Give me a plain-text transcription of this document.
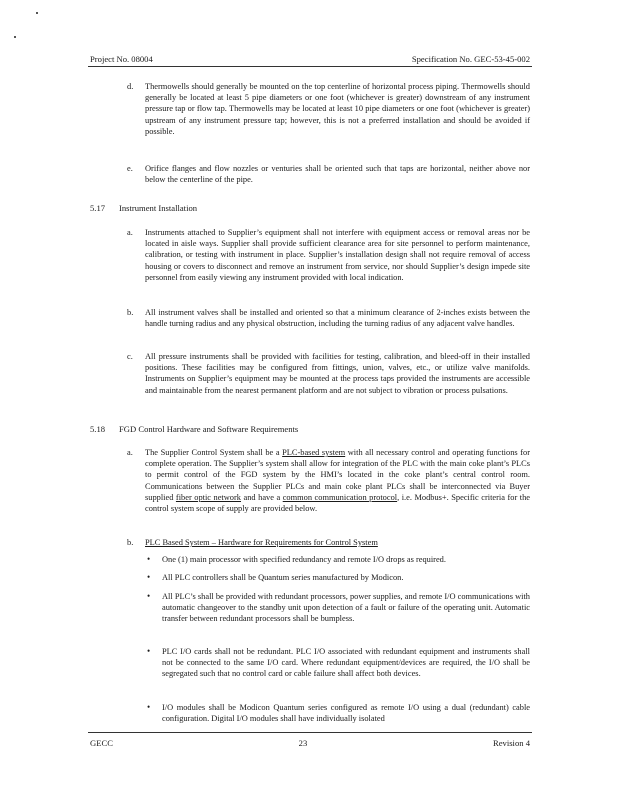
Project No. 08004	Specification No. GEC-53-45-002
d. Thermowells should generally be mounted on the top centerline of horizontal process piping. Thermowells should generally be located at least 5 pipe diameters or one foot (whichever is greater) downstream of any instrument pressure tap or flow tap. Thermowells may be located at least 10 pipe diameters or one foot (whichever is greater) upstream of any instrument pressure tap; however, this is not a preferred installation and should be avoided if possible.
e. Orifice flanges and flow nozzles or venturies shall be oriented such that taps are horizontal, neither above nor below the centerline of the pipe.
5.17 Instrument Installation
a. Instruments attached to Supplier’s equipment shall not interfere with equipment access or removal areas nor be located in aisle ways. Supplier shall provide sufficient clearance area for site personnel to perform maintenance, calibration, or testing with instrument in place. Supplier’s installation design shall not require removal of access housing or covers to disconnect and remove an instrument from service, nor should Supplier’s design impede site personnel from easily viewing any instrument provided with local indication.
b. All instrument valves shall be installed and oriented so that a minimum clearance of 2-inches exists between the handle turning radius and any physical obstruction, including the turning radius of any adjacent valve handles.
c. All pressure instruments shall be provided with facilities for testing, calibration, and bleed-off in their installed positions. These facilities may be configured from fittings, union, valves, etc., or utilize valve manifolds. Instruments on Supplier’s equipment may be mounted at the process taps provided the instruments are accessible and maintainable from the nearest permanent platform and are not subject to vibration or process pulsations.
5.18 FGD Control Hardware and Software Requirements
a. The Supplier Control System shall be a PLC-based system with all necessary control and operating functions for complete operation. The Supplier’s system shall allow for integration of the PLC with the main coke plant’s PLCs to permit control of the FGD system by the HMI’s located in the coke plant’s central control room. Communications between the Supplier PLCs and main coke plant PLCs shall be interconnected via Buyer supplied fiber optic network and have a common communication protocol, i.e. Modbus+. Specific criteria for the control system scope of supply are provided below.
b. PLC Based System – Hardware for Requirements for Control System
• One (1) main processor with specified redundancy and remote I/O drops as required.
• All PLC controllers shall be Quantum series manufactured by Modicon.
• All PLC’s shall be provided with redundant processors, power supplies, and remote I/O communications with automatic changeover to the standby unit upon detection of a fault or failure of the operating unit. Automatic transfer between redundant processors shall be bumpless.
• PLC I/O cards shall not be redundant. PLC I/O associated with redundant equipment and instruments shall not be connected to the same I/O card. Where redundant equipment/devices are required, the I/O shall be segregated such that no control card or cable failure shall affect both devices.
• I/O modules shall be Modicon Quantum series configured as remote I/O using a dual (redundant) cable configuration. Digital I/O modules shall have individually isolated
GECC	23	Revision 4
